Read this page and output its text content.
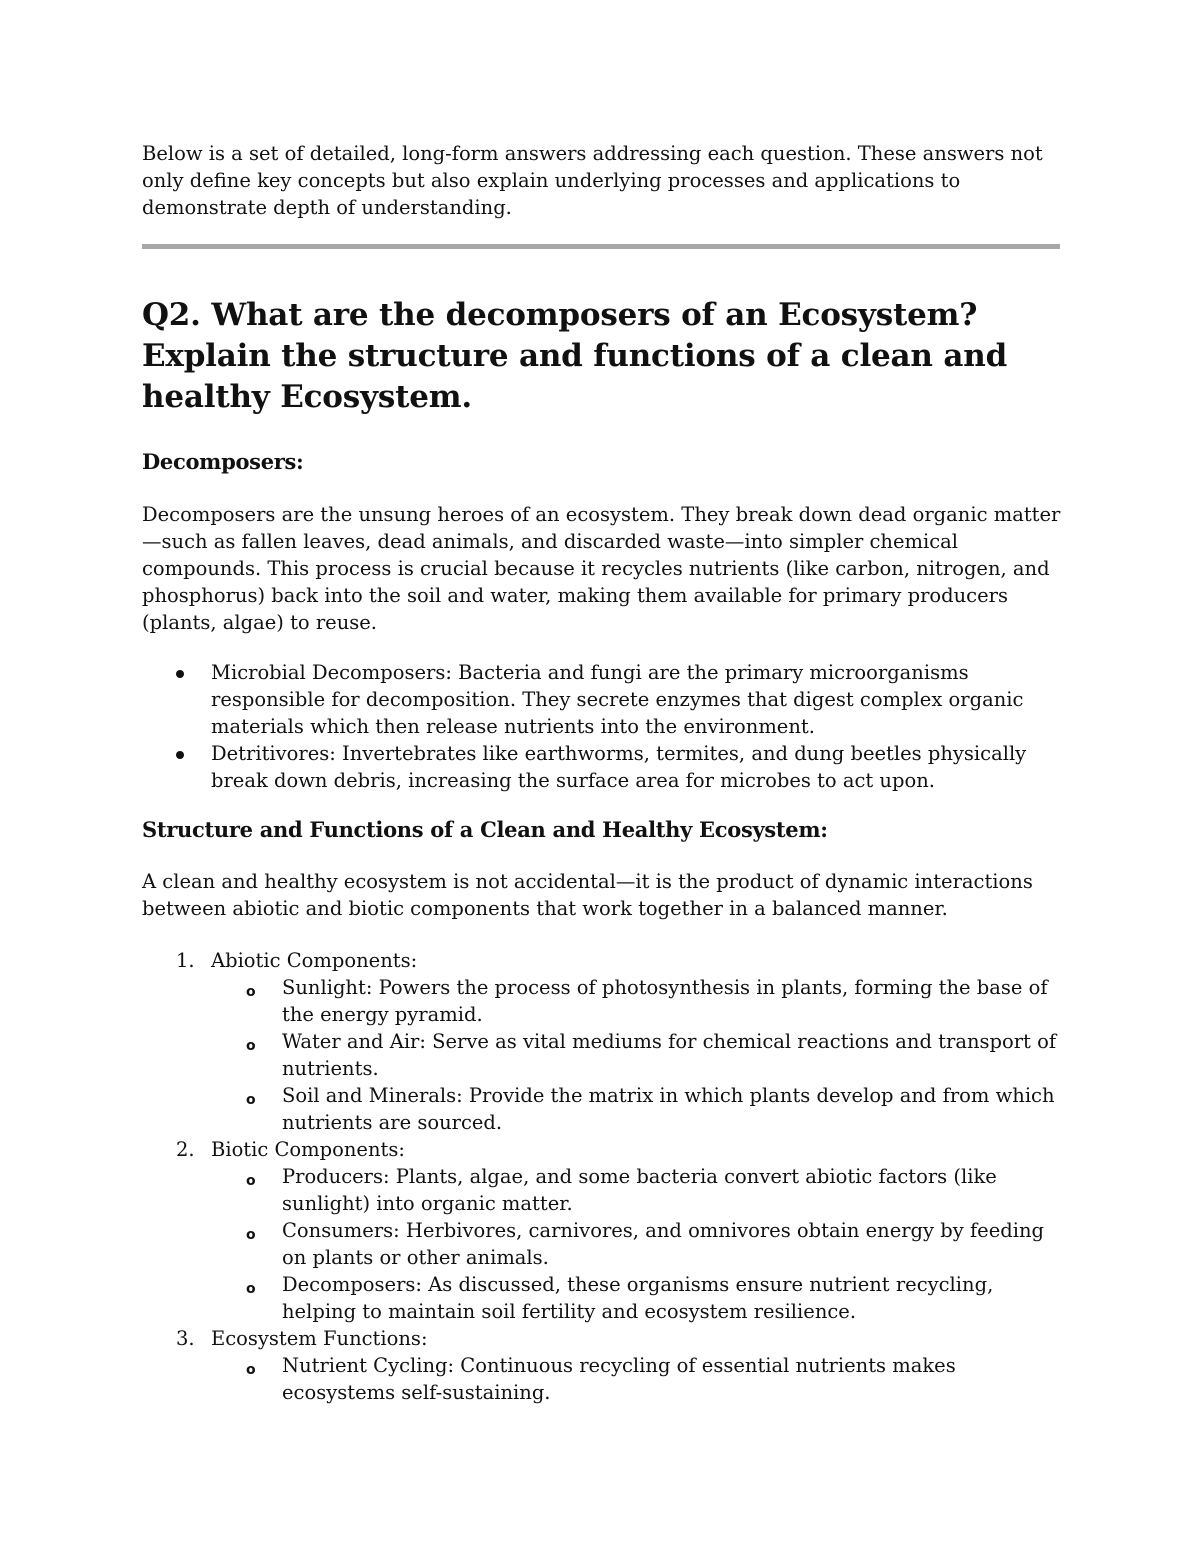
Below is a set of detailed, long-form answers addressing each question. These answers not only define key concepts but also explain underlying processes and applications to demonstrate depth of understanding.

Q2. What are the decomposers of an Ecosystem? Explain the structure and functions of a clean and healthy Ecosystem.
Decomposers:

Decomposers are the unsung heroes of an ecosystem. They break down dead organic matter—such as fallen leaves, dead animals, and discarded waste—into simpler chemical compounds. This process is crucial because it recycles nutrients (like carbon, nitrogen, and phosphorus) back into the soil and water, making them available for primary producers (plants, algae) to reuse.

Microbial Decomposers: Bacteria and fungi are the primary microorganisms responsible for decomposition. They secrete enzymes that digest complex organic materials which then release nutrients into the environment.
Detritivores: Invertebrates like earthworms, termites, and dung beetles physically break down debris, increasing the surface area for microbes to act upon.
Structure and Functions of a Clean and Healthy Ecosystem:

A clean and healthy ecosystem is not accidental—it is the product of dynamic interactions between abiotic and biotic components that work together in a balanced manner.

1. Abiotic Components:
o Sunlight: Powers the process of photosynthesis in plants, forming the base of the energy pyramid.
o Water and Air: Serve as vital mediums for chemical reactions and transport of nutrients.
o Soil and Minerals: Provide the matrix in which plants develop and from which nutrients are sourced.
2. Biotic Components:
o Producers: Plants, algae, and some bacteria convert abiotic factors (like sunlight) into organic matter.
o Consumers: Herbivores, carnivores, and omnivores obtain energy by feeding on plants or other animals.
o Decomposers: As discussed, these organisms ensure nutrient recycling, helping to maintain soil fertility and ecosystem resilience.
3. Ecosystem Functions:
o Nutrient Cycling: Continuous recycling of essential nutrients makes ecosystems self-sustaining.
